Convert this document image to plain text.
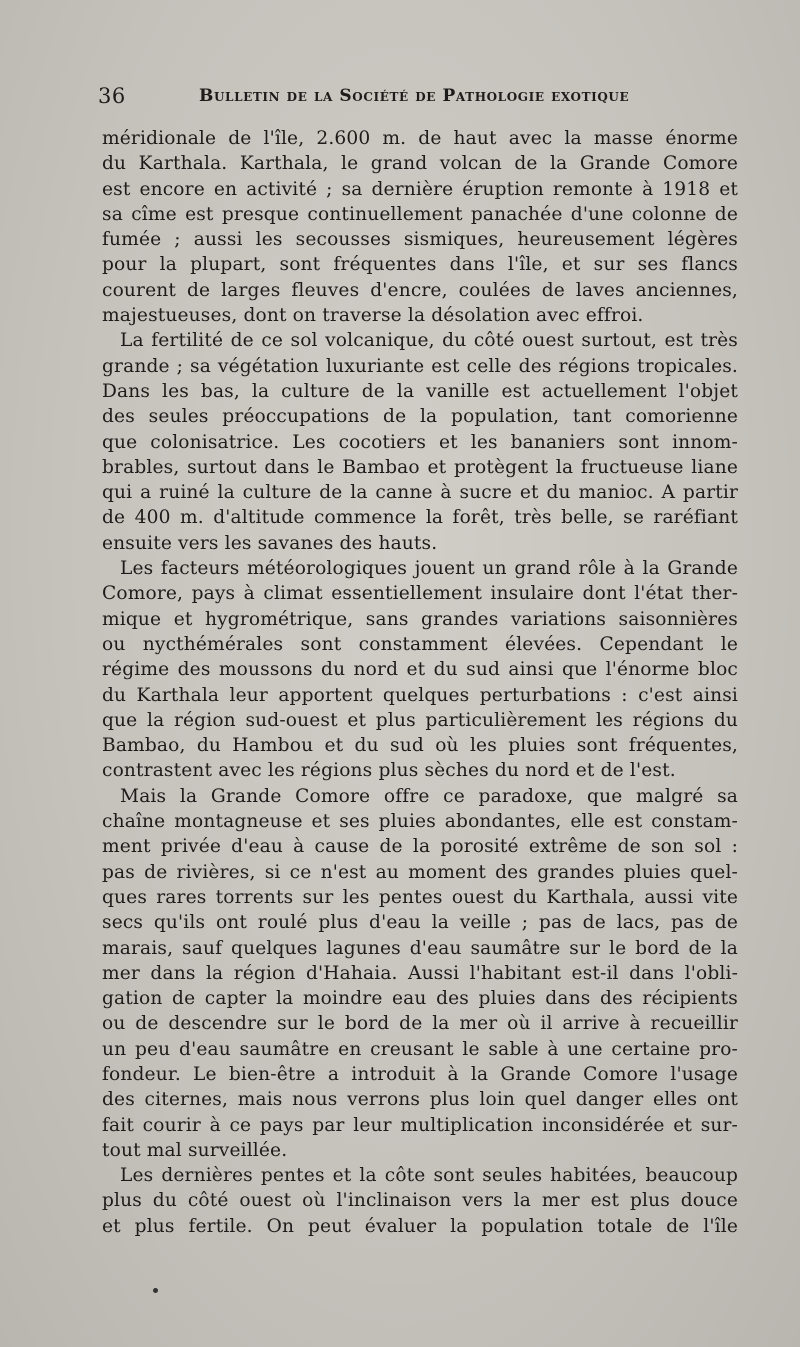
36	Bulletin de la Société de Pathologie exotique
méridionale de l'île, 2.600 m. de haut avec la masse énorme
du Karthala. Karthala, le grand volcan de la Grande Comore
est encore en activité ; sa dernière éruption remonte à 1918 et
sa cîme est presque continuellement panachée d'une colonne de
fumée ; aussi les secousses sismiques, heureusement légères
pour la plupart, sont fréquentes dans l'île, et sur ses flancs
courent de larges fleuves d'encre, coulées de laves anciennes,
majestueuses, dont on traverse la désolation avec effroi.
La fertilité de ce sol volcanique, du côté ouest surtout, est très
grande ; sa végétation luxuriante est celle des régions tropicales.
Dans les bas, la culture de la vanille est actuellement l'objet
des seules préoccupations de la population, tant comorienne
que colonisatrice. Les cocotiers et les bananiers sont innom-
brables, surtout dans le Bambao et protègent la fructueuse liane
qui a ruiné la culture de la canne à sucre et du manioc. A partir
de 400 m. d'altitude commence la forêt, très belle, se raréfiant
ensuite vers les savanes des hauts.
Les facteurs météorologiques jouent un grand rôle à la Grande
Comore, pays à climat essentiellement insulaire dont l'état ther-
mique et hygrométrique, sans grandes variations saisonnières
ou nycthémérales sont constamment élevées. Cependant le
régime des moussons du nord et du sud ainsi que l'énorme bloc
du Karthala leur apportent quelques perturbations : c'est ainsi
que la région sud-ouest et plus particulièrement les régions du
Bambao, du Hambou et du sud où les pluies sont fréquentes,
contrastent avec les régions plus sèches du nord et de l'est.
Mais la Grande Comore offre ce paradoxe, que malgré sa
chaîne montagneuse et ses pluies abondantes, elle est constam-
ment privée d'eau à cause de la porosité extrême de son sol :
pas de rivières, si ce n'est au moment des grandes pluies quel-
ques rares torrents sur les pentes ouest du Karthala, aussi vite
secs qu'ils ont roulé plus d'eau la veille ; pas de lacs, pas de
marais, sauf quelques lagunes d'eau saumâtre sur le bord de la
mer dans la région d'Hahaia. Aussi l'habitant est-il dans l'obli-
gation de capter la moindre eau des pluies dans des récipients
ou de descendre sur le bord de la mer où il arrive à recueillir
un peu d'eau saumâtre en creusant le sable à une certaine pro-
fondeur. Le bien-être a introduit à la Grande Comore l'usage
des citernes, mais nous verrons plus loin quel danger elles ont
fait courir à ce pays par leur multiplication inconsidérée et sur-
tout mal surveillée.
Les dernières pentes et la côte sont seules habitées, beaucoup
plus du côté ouest où l'inclinaison vers la mer est plus douce
et plus fertile. On peut évaluer la population totale de l'île
